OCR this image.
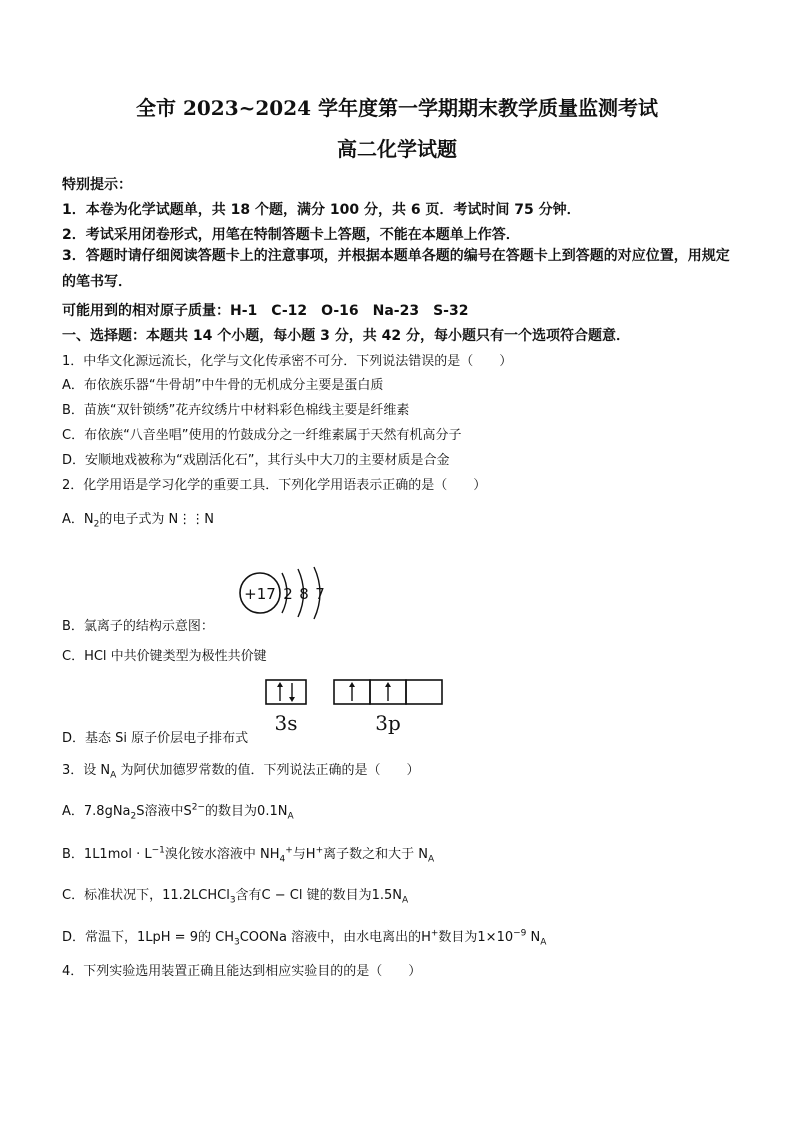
全市 2023~2024 学年度第一学期期末教学质量监测考试
高二化学试题
特别提示：
1．本卷为化学试题单，共 18 个题，满分 100 分，共 6 页．考试时间 75 分钟．
2．考试采用闭卷形式，用笔在特制答题卡上答题，不能在本题单上作答．
3．答题时请仔细阅读答题卡上的注意事项，并根据本题单各题的编号在答题卡上到答题的对应位置，用规定的笔书写．
可能用到的相对原子质量：H-1　C-12　O-16　Na-23　S-32
一、选择题：本题共 14 个小题，每小题 3 分，共 42 分，每小题只有一个选项符合题意．
1．中华文化源远流长，化学与文化传承密不可分．下列说法错误的是（　　）
A．布依族乐器“牛骨胡”中牛骨的无机成分主要是蛋白质
B．苗族“双针锁绣”花卉纹绣片中材料彩色棉线主要是纤维素
C．布依族“八音坐唱”使用的竹鼓成分之一纤维素属于天然有机高分子
D．安顺地戏被称为“戏剧活化石”，其行头中大刀的主要材质是合金
2．化学用语是学习化学的重要工具．下列化学用语表示正确的是（　　）
A．$N_2$的电子式为 N⋮⋮N
+17 2 8 7
B．氯离子的结构示意图：
C．HCl 中共价键类型为极性共价键
3s	3p
D．基态 Si 原子价层电子排布式
3．设 $N_A$ 为阿伏加德罗常数的值．下列说法正确的是（　　）
A．7.8gNa$_2$S溶液中$S^{2-}$的数目为$0.1N_A$
B．$1L1mol \cdot L^{-1}$溴化铵水溶液中 $NH_4^+$与H+离子数之和大于 $N_A$
C．标准状况下，11.2LCHCl$_3$含有C − Cl 键的数目为$1.5N_A$
D．常温下，1LpH = 9的 $CH_3COONa$ 溶液中，由水电离出的H+数目为$1\times 10^{-9}$ $N_A$
4．下列实验选用装置正确且能达到相应实验目的的是（　　）
